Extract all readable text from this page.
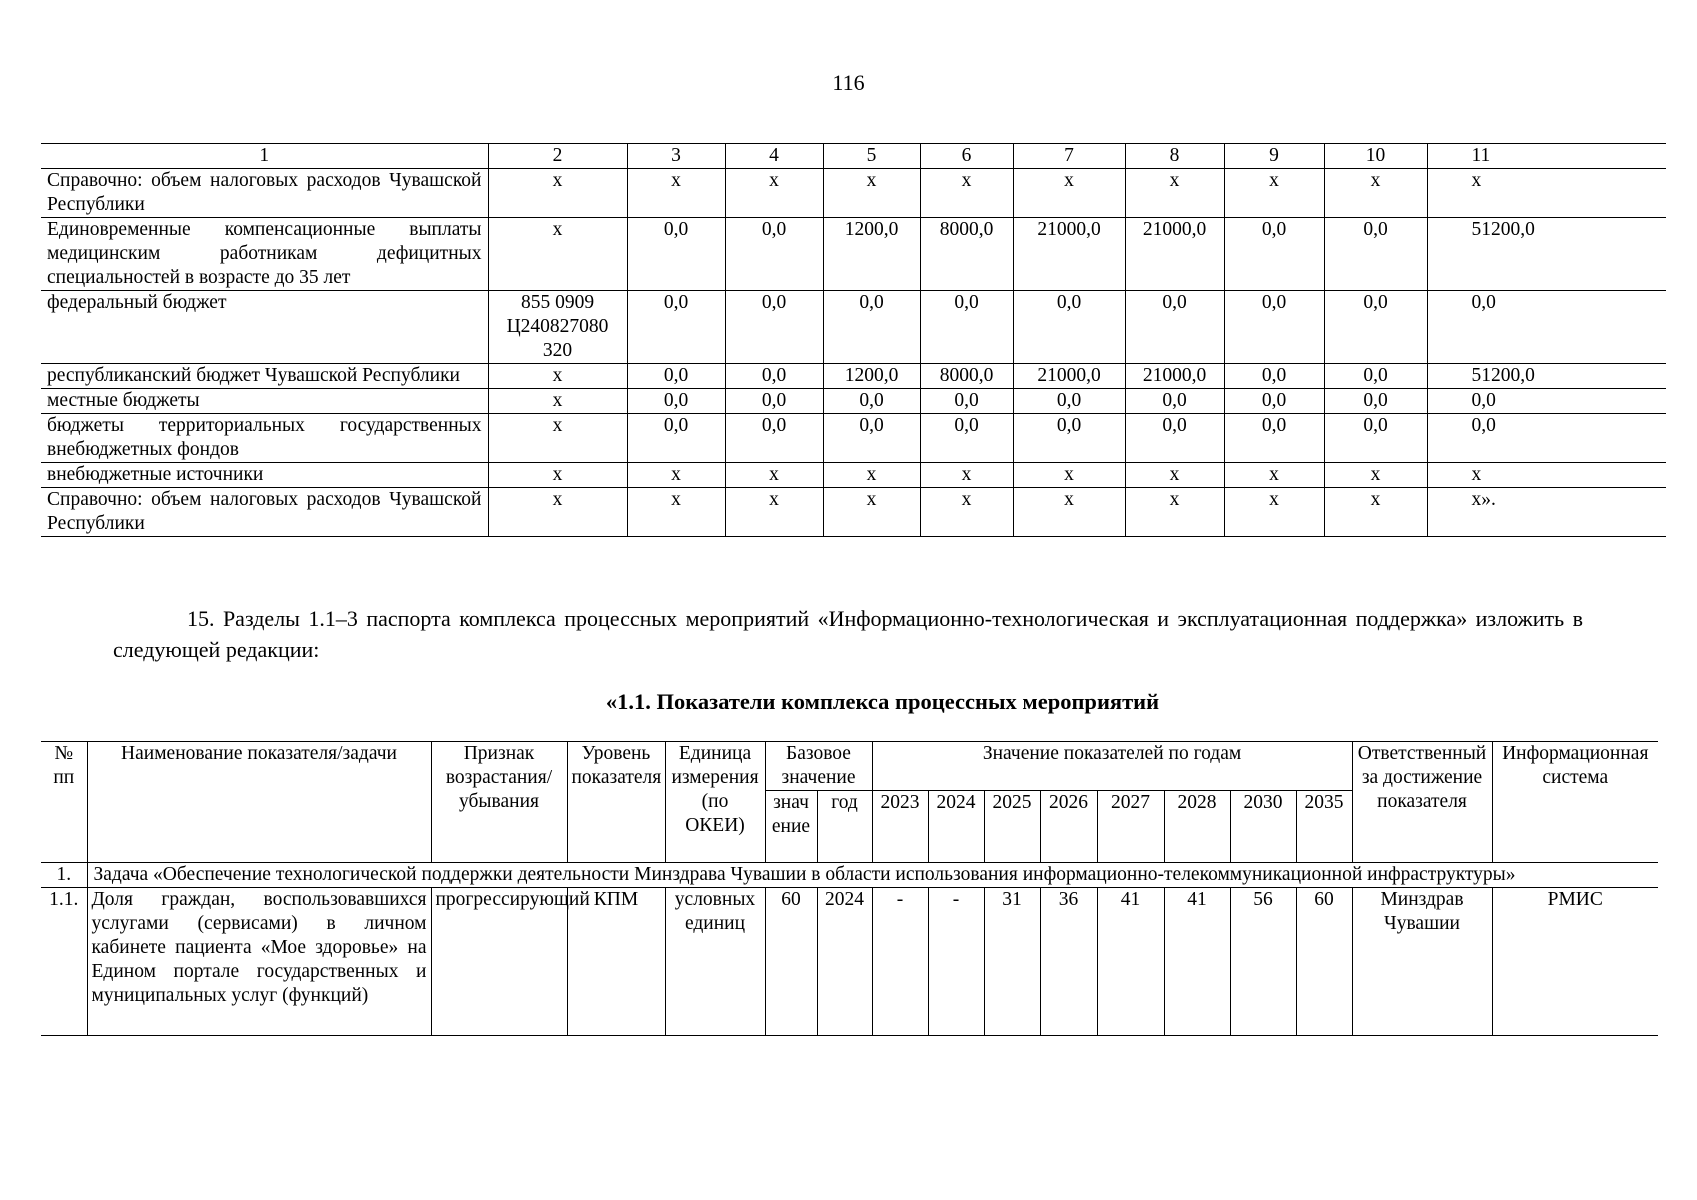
116
1	2	3	4	5	6	7	8	9	10	11
Справочно: объем налоговых расходов Чувашской Республики	х	х	х	х	х	х	х	х	х	х
Единовременные компенсационные выплаты медицинским работникам дефицитных специальностей в возрасте до 35 лет	х	0,0	0,0	1200,0	8000,0	21000,0	21000,0	0,0	0,0	51200,0
федеральный бюджет	855 0909 Ц240827080 320	0,0	0,0	0,0	0,0	0,0	0,0	0,0	0,0	0,0
республиканский бюджет Чувашской Республики	х	0,0	0,0	1200,0	8000,0	21000,0	21000,0	0,0	0,0	51200,0
местные бюджеты	х	0,0	0,0	0,0	0,0	0,0	0,0	0,0	0,0	0,0
бюджеты территориальных государственных внебюджетных фондов	х	0,0	0,0	0,0	0,0	0,0	0,0	0,0	0,0	0,0
внебюджетные источники	х	х	х	х	х	х	х	х	х	х
Справочно: объем налоговых расходов Чувашской Республики	х	х	х	х	х	х	х	х	х	х».
15. Разделы 1.1–3 паспорта комплекса процессных мероприятий «Информационно-технологическая и эксплуатационная поддержка» изложить в следующей редакции:
«1.1. Показатели комплекса процессных мероприятий
№ пп	Наименование показателя/задачи	Признак возрастания/ убывания	Уровень показателя	Единица измерения (по ОКЕИ)	Базовое значение		Значение показателей по годам								Ответственный за достижение показателя	Информационная система

					значение	год	2023	2024	2025	2026	2027	2028	2030	2035		
1.	Задача «Обеспечение технологической поддержки деятельности Минздрава Чувашии в области использования информационно-телекоммуникационной инфраструктуры»															
1.1.	Доля граждан, воспользовавшихся услугами (сервисами) в личном кабинете пациента «Мое здоровье» на Едином портале государственных и муниципальных услуг (функций)	прогрессирующий	КПМ	условных единиц	60	2024	-	-	31	36	41	41	56	60	Минздрав Чувашии	РМИС
